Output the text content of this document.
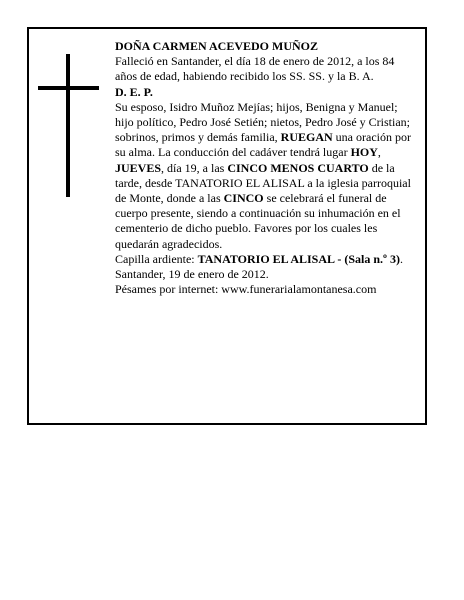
DOÑA CARMEN ACEVEDO MUÑOZ

Falleció en Santander, el día 18 de enero de 2012, a los 84 años de edad, habiendo recibido los SS. SS. y la B. A.

D. E. P.

Su esposo, Isidro Muñoz Mejías; hijos, Benigna y Manuel; hijo político, Pedro José Setién; nietos, Pedro José y Cristian; sobrinos, primos y demás familia, RUEGAN una oración por su alma. La conducción del cadáver tendrá lugar HOY, JUEVES, día 19, a las CINCO MENOS CUARTO de la tarde, desde TANATORIO EL ALISAL a la iglesia parroquial de Monte, donde a las CINCO se celebrará el funeral de cuerpo presente, siendo a continuación su inhumación en el cementerio de dicho pueblo. Favores por los cuales les quedarán agradecidos.

Capilla ardiente: TANATORIO EL ALISAL - (Sala n.º 3).

Santander, 19 de enero de 2012.

Pésames por internet: www.funerarialamontanesa.com
